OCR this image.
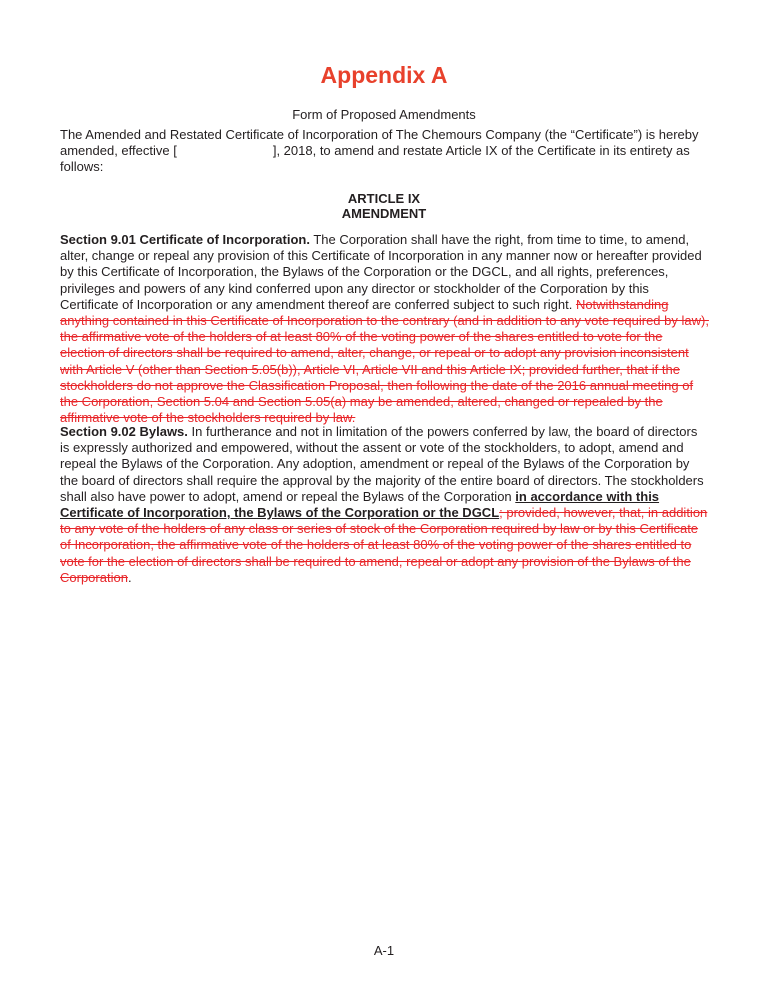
Appendix A
Form of Proposed Amendments
The Amended and Restated Certificate of Incorporation of The Chemours Company (the “Certificate”) is hereby amended, effective [	], 2018, to amend and restate Article IX of the Certificate in its entirety as follows:
ARTICLE IX
AMENDMENT
Section 9.01 Certificate of Incorporation. The Corporation shall have the right, from time to time, to amend, alter, change or repeal any provision of this Certificate of Incorporation in any manner now or hereafter provided by this Certificate of Incorporation, the Bylaws of the Corporation or the DGCL, and all rights, preferences, privileges and powers of any kind conferred upon any director or stockholder of the Corporation by this Certificate of Incorporation or any amendment thereof are conferred subject to such right. Notwithstanding anything contained in this Certificate of Incorporation to the contrary (and in addition to any vote required by law), the affirmative vote of the holders of at least 80% of the voting power of the shares entitled to vote for the election of directors shall be required to amend, alter, change, or repeal or to adopt any provision inconsistent with Article V (other than Section 5.05(b)), Article VI, Article VII and this Article IX; provided further, that if the stockholders do not approve the Classification Proposal, then following the date of the 2016 annual meeting of the Corporation, Section 5.04 and Section 5.05(a) may be amended, altered, changed or repealed by the affirmative vote of the stockholders required by law.
Section 9.02 Bylaws. In furtherance and not in limitation of the powers conferred by law, the board of directors is expressly authorized and empowered, without the assent or vote of the stockholders, to adopt, amend and repeal the Bylaws of the Corporation. Any adoption, amendment or repeal of the Bylaws of the Corporation by the board of directors shall require the approval by the majority of the entire board of directors. The stockholders shall also have power to adopt, amend or repeal the Bylaws of the Corporation in accordance with this Certificate of Incorporation, the Bylaws of the Corporation or the DGCL; provided, however, that, in addition to any vote of the holders of any class or series of stock of the Corporation required by law or by this Certificate of Incorporation, the affirmative vote of the holders of at least 80% of the voting power of the shares entitled to vote for the election of directors shall be required to amend, repeal or adopt any provision of the Bylaws of the Corporation.
A-1
